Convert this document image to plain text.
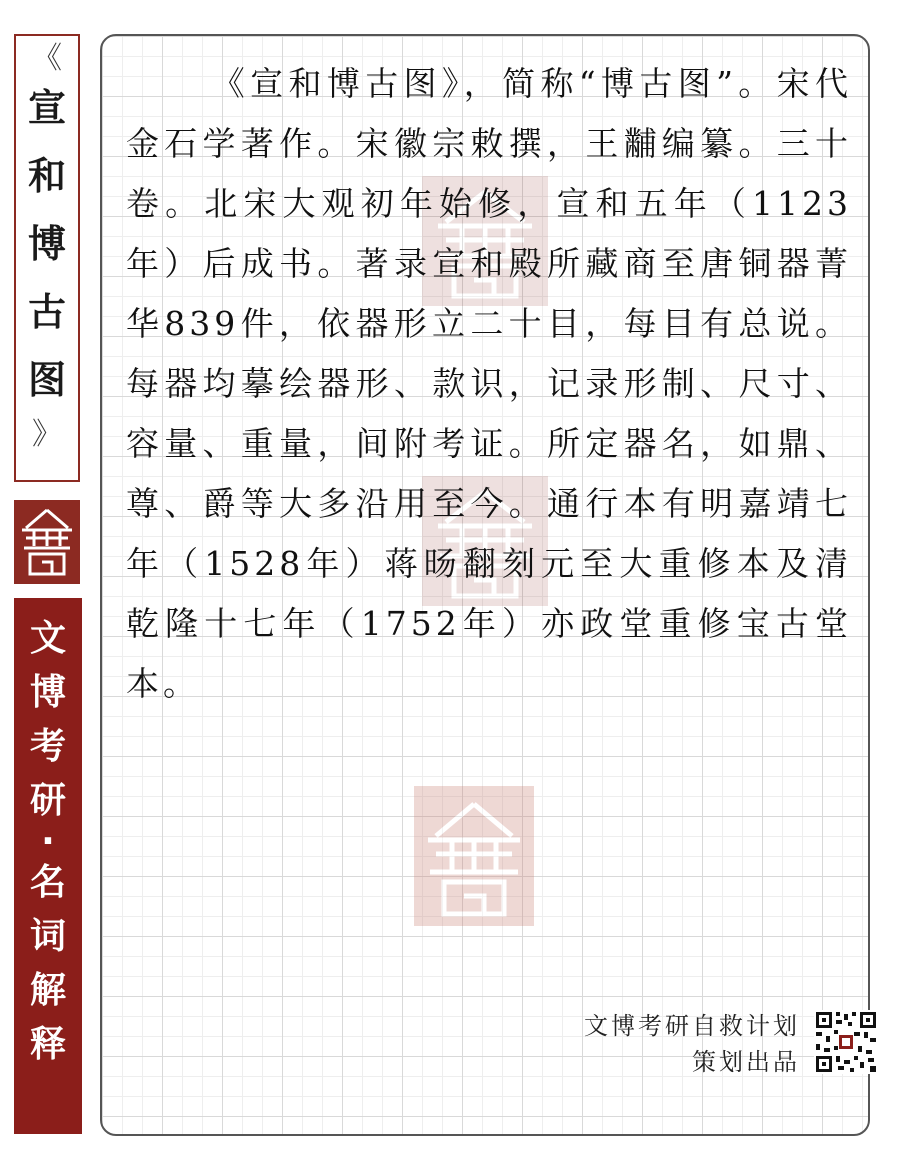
《
宣
和
博
古
图
》
文
博
考
研
·
名
词
解
释
《宣和博古图》，简称“博古图”。宋代金石学著作。宋徽宗敕撰，王黼编纂。三十卷。北宋大观初年始修，宣和五年（1123年）后成书。著录宣和殿所藏商至唐铜器菁华839件，依器形立二十目，每目有总说。每器均摹绘器形、款识，记录形制、尺寸、容量、重量，间附考证。所定器名，如鼎、尊、爵等大多沿用至今。通行本有明嘉靖七年（1528年）蒋旸翻刻元至大重修本及清乾隆十七年（1752年）亦政堂重修宝古堂本。
文博考研自救计划
策划出品
